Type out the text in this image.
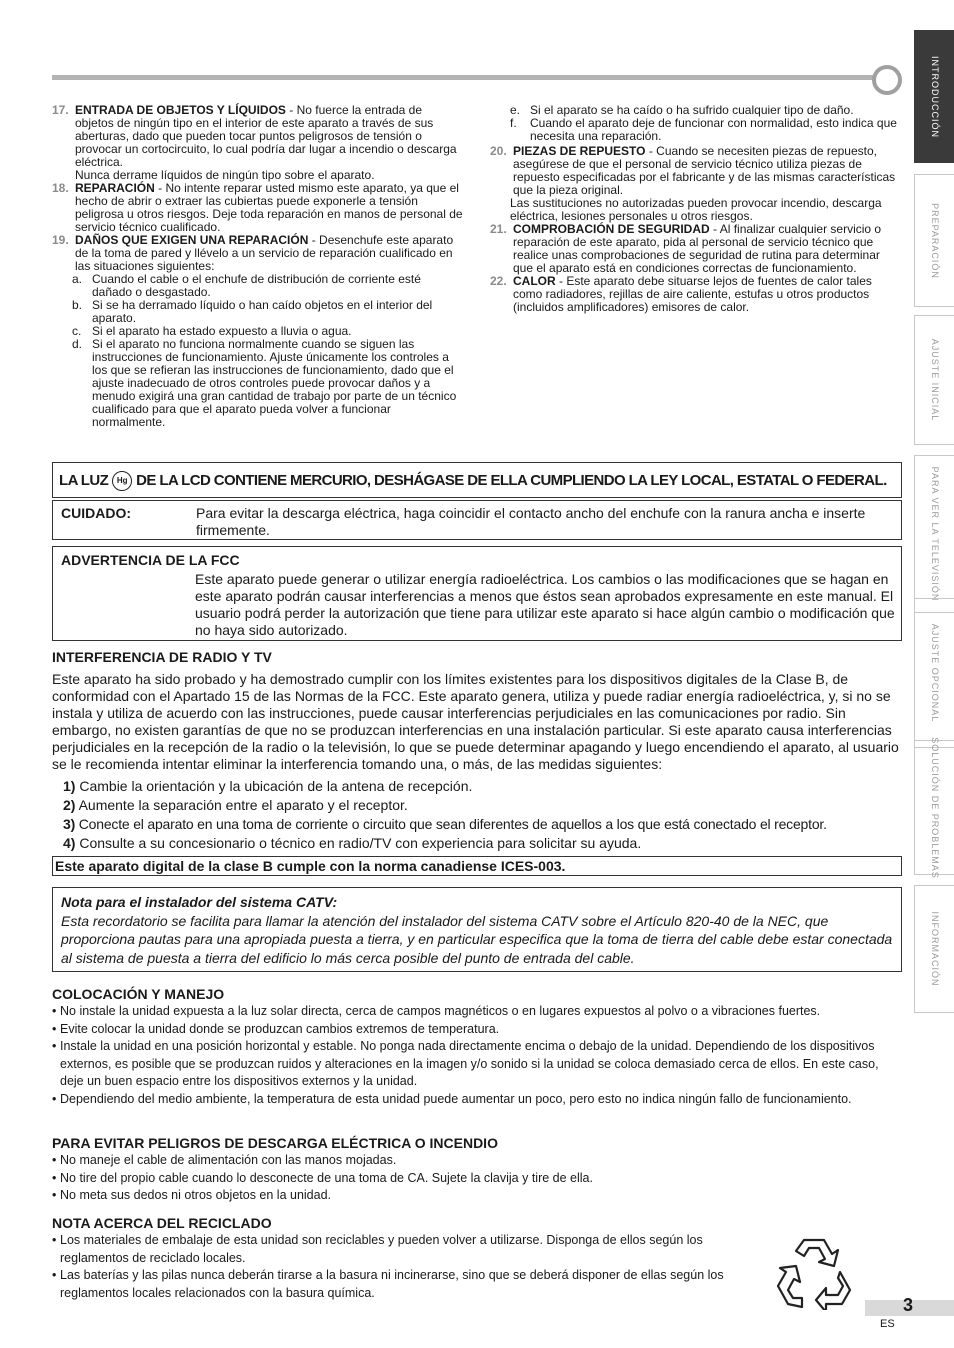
INTRODUCCIÓN
PREPARACIÓN
AJUSTE INICIAL
PARA VER LA TELEVISIÓN
AJUSTE OPCIONAL
SOLUCIÓN DE PROBLEMAS
INFORMACIÓN
17. ENTRADA DE OBJETOS Y LÍQUIDOS - No fuerce la entrada de objetos de ningún tipo en el interior de este aparato a través de sus aberturas, dado que pueden tocar puntos peligrosos de tensión o provocar un cortocircuito, lo cual podría dar lugar a incendio o descarga eléctrica.
Nunca derrame líquidos de ningún tipo sobre el aparato.
18. REPARACIÓN - No intente reparar usted mismo este aparato, ya que el hecho de abrir o extraer las cubiertas puede exponerle a tensión peligrosa u otros riesgos. Deje toda reparación en manos de personal de servicio técnico cualificado.
19. DAÑOS QUE EXIGEN UNA REPARACIÓN - Desenchufe este aparato de la toma de pared y llévelo a un servicio de reparación cualificado en las situaciones siguientes:
a. Cuando el cable o el enchufe de distribución de corriente esté dañado o desgastado.
b. Si se ha derramado líquido o han caído objetos en el interior del aparato.
c. Si el aparato ha estado expuesto a lluvia o agua.
d. Si el aparato no funciona normalmente cuando se siguen las instrucciones de funcionamiento. Ajuste únicamente los controles a los que se refieran las instrucciones de funcionamiento, dado que el ajuste inadecuado de otros controles puede provocar daños y a menudo exigirá una gran cantidad de trabajo por parte de un técnico cualificado para que el aparato pueda volver a funcionar normalmente.
e. Si el aparato se ha caído o ha sufrido cualquier tipo de daño.
f. Cuando el aparato deje de funcionar con normalidad, esto indica que necesita una reparación.
20. PIEZAS DE REPUESTO - Cuando se necesiten piezas de repuesto, asegúrese de que el personal de servicio técnico utiliza piezas de repuesto especificadas por el fabricante y de las mismas características que la pieza original.
Las sustituciones no autorizadas pueden provocar incendio, descarga eléctrica, lesiones personales u otros riesgos.
21. COMPROBACIÓN DE SEGURIDAD - Al finalizar cualquier servicio o reparación de este aparato, pida al personal de servicio técnico que realice unas comprobaciones de seguridad de rutina para determinar que el aparato está en condiciones correctas de funcionamiento.
22. CALOR - Este aparato debe situarse lejos de fuentes de calor tales como radiadores, rejillas de aire caliente, estufas u otros productos (incluidos amplificadores) emisores de calor.
LA LUZ Hg DE LA LCD CONTIENE MERCURIO, DESHÁGASE DE ELLA CUMPLIENDO LA LEY LOCAL, ESTATAL O FEDERAL.
CUIDADO:	Para evitar la descarga eléctrica, haga coincidir el contacto ancho del enchufe con la ranura ancha e inserte firmemente.
ADVERTENCIA DE LA FCC
Este aparato puede generar o utilizar energía radioeléctrica. Los cambios o las modificaciones que se hagan en este aparato podrán causar interferencias a menos que éstos sean aprobados expresamente en este manual. El usuario podrá perder la autorización que tiene para utilizar este aparato si hace algún cambio o modificación que no haya sido autorizado.
INTERFERENCIA DE RADIO Y TV
Este aparato ha sido probado y ha demostrado cumplir con los límites existentes para los dispositivos digitales de la Clase B, de conformidad con el Apartado 15 de las Normas de la FCC. Este aparato genera, utiliza y puede radiar energía radioeléctrica, y, si no se instala y utiliza de acuerdo con las instrucciones, puede causar interferencias perjudiciales en las comunicaciones por radio. Sin embargo, no existen garantías de que no se produzcan interferencias en una instalación particular. Si este aparato causa interferencias perjudiciales en la recepción de la radio o la televisión, lo que se puede determinar apagando y luego encendiendo el aparato, al usuario se le recomienda intentar eliminar la interferencia tomando una, o más, de las medidas siguientes:
1) Cambie la orientación y la ubicación de la antena de recepción.
2) Aumente la separación entre el aparato y el receptor.
3) Conecte el aparato en una toma de corriente o circuito que sean diferentes de aquellos a los que está conectado el receptor.
4) Consulte a su concesionario o técnico en radio/TV con experiencia para solicitar su ayuda.
Este aparato digital de la clase B cumple con la norma canadiense ICES-003.
Nota para el instalador del sistema CATV:
Esta recordatorio se facilita para llamar la atención del instalador del sistema CATV sobre el Artículo 820-40 de la NEC, que proporciona pautas para una apropiada puesta a tierra, y en particular especifica que la toma de tierra del cable debe estar conectada al sistema de puesta a tierra del edificio lo más cerca posible del punto de entrada del cable.
COLOCACIÓN Y MANEJO
• No instale la unidad expuesta a la luz solar directa, cerca de campos magnéticos o en lugares expuestos al polvo o a vibraciones fuertes.
• Evite colocar la unidad donde se produzcan cambios extremos de temperatura.
• Instale la unidad en una posición horizontal y estable. No ponga nada directamente encima o debajo de la unidad. Dependiendo de los dispositivos externos, es posible que se produzcan ruidos y alteraciones en la imagen y/o sonido si la unidad se coloca demasiado cerca de ellos. En este caso, deje un buen espacio entre los dispositivos externos y la unidad.
• Dependiendo del medio ambiente, la temperatura de esta unidad puede aumentar un poco, pero esto no indica ningún fallo de funcionamiento.
PARA EVITAR PELIGROS DE DESCARGA ELÉCTRICA O INCENDIO
• No maneje el cable de alimentación con las manos mojadas.
• No tire del propio cable cuando lo desconecte de una toma de CA. Sujete la clavija y tire de ella.
• No meta sus dedos ni otros objetos en la unidad.
NOTA ACERCA DEL RECICLADO
• Los materiales de embalaje de esta unidad son reciclables y pueden volver a utilizarse. Disponga de ellos según los reglamentos de reciclado locales.
• Las baterías y las pilas nunca deberán tirarse a la basura ni incinerarse, sino que se deberá disponer de ellas según los reglamentos locales relacionados con la basura química.
3
ES
